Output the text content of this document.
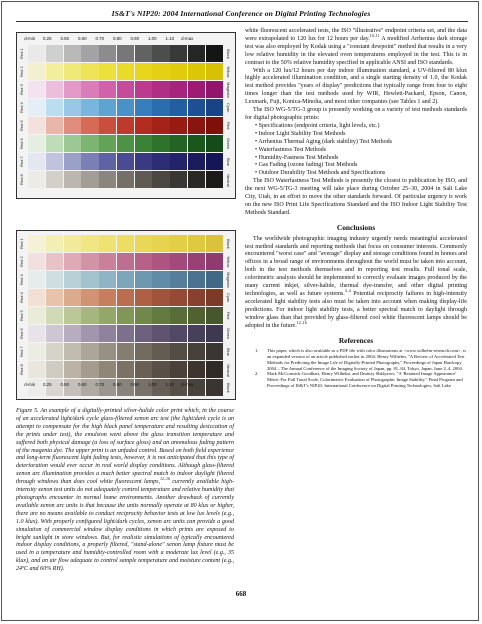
IS&T's NIP20: 2004 International Conference on Digital Printing Technologies
d-min	0.25	0.50	0.60	0.70	0.80	0.90	1.00	1.10	d-max
Red 1
Red 2
Red 3
Red 4
Red 5
Red 6
Red 7
Red 8
Black
Yellow
Magenta
Cyan
Red
Green
Blue
Neutral
Red 1
Red 2
Red 3
Red 4
Red 5
Red 6
Red 7
Red 8
Black
Yellow
Magenta
Cyan
Red
Green
Blue
Neutral
Black
d-min	0.25	0.50	0.60	0.70	0.80	0.90	1.00	1.10	d-max
Figure 5. An example of a digitally-printed silver-halide color print which, in the course of an accelerated light/dark cycle glass-filtered xenon arc test (the light/dark cycle is an attempt to compensate for the high black panel temperature and resulting desiccation of the prints under test), the emulsion went above the glass transition temperature and suffered both physical damage (a loss of surface gloss) and an anomalous fading pattern of the magenta dye. The upper print is an unfaded control. Based on both field experience and long-term fluorescent light fading tests, however, it is not anticipated that this type of deterioration would ever occur in real world display conditions. Although glass-filtered xenon arc illumination provides a much better spectral match to indoor daylight filtered through windows than does cool white fluorescent lamps,$^{12-16}$ currently available high-intensity xenon test units do not adequately control temperature and relative humidity that photographs encounter in normal home environments. Another drawback of currently available xenon arc units is that because the units normally operate at 80 klux or higher, there are no means available to conduct reciprocity behavior tests at low lux levels (e.g., 1.0 klux). With properly configured light/dark cycles, xenon arc units can provide a good simulation of commercial window display conditions in which prints are exposed to bright sunlight in store windows. But, for realistic simulations of typically encountered indoor display conditions, a properly filtered, "stand-alone" xenon lamp fixture must be used in a temperature and humidity-controlled room with a moderate lux level (e.g., 35 klux), and an air flow adequate to control sample temperature and moisture content (e.g., 24ºC and 60% RH).

white fluorescent accelerated tests, the ISO "illustrative" endpoint criteria set, and the data were extrapolated to 120 lux for 12 hours per day.$^{10-11}$ A modified Arrhenius dark storage test was also employed by Kodak using a "constant dewpoint" method that results in a very low relative humidity in the elevated oven temperatures employed in the test. This is in contrast to the 50% relative humidity specified in applicable ANSI and ISO standards.

With a 120 lux/12 hours per day indoor illumination standard, a UV-filtered 80 klux highly accelerated illumination condition, and a single starting density of 1.0, the Kodak test method provides "years of display" predictions that typically range from four to eight times longer than the test methods used by WIR, Hewlett-Packard, Epson, Canon, Lexmark, Fuji, Konica-Minolta, and most other companies (see Tables 1 and 2).

The ISO WG-5/TG-3 group is presently working on a variety of test methods standards for digital photographic prints:

• Specifications (endpoint criteria, light levels, etc.)
• Indoor Light Stability Test Methods
• Arrhenius Thermal Aging (dark stability) Test Methods
• Waterfastness Test Methods
• Humidity-Fastness Test Methods
• Gas Fading (ozone fading) Test Methods
• Outdoor Durability Test Methods and Specifications

The ISO Waterfastness Test Methods is presently the closest to publication by ISO, and the next WG-5/TG-3 meeting will take place during October 25–30, 2004 in Salt Lake City, Utah, in an effort to move the other standards forward. Of particular urgency is work on the new ISO Print Life Specifications Standard and the ISO Indoor Light Stability Test Methods Standard.

Conclusions

The worldwide photographic imaging industry urgently needs meaningful accelerated test method standards and reporting methods that focus on consumer interests. Commonly encountered "worst case" and "average" display and storage conditions found in homes and offices in a broad range of environments throughout the world must be taken into account, both in the test methods themselves and in reporting test results. Full tonal scale, colorimetric analysis should be implemented to correctly evaluate images produced by the many current inkjet, silver-halide, thermal dye-transfer, and other digital printing technologies, as well as future systems.$^{3-4}$ Potential reciprocity failures in high-intensity accelerated light stability tests also must be taken into account when making display-life predictions. For indoor light stability tests, a better spectral match to daylight through window glass than that provided by glass-filtered cool white fluorescent lamps should be adopted in the future.$^{12-16}$

References
1.	This paper, which is also available as a PDF file with color illustrations at <www.wilhelm-research.com>, is an expanded version of an article published earlier in 2004: Henry Wilhelm, "A Review of Accelerated Test Methods for Predicting the Image Life of Digitally-Printed Photographs," Proceedings of Japan Hardcopy 2004 – The Annual Conference of the Imaging Society of Japan, pp. 81–84, Tokyo, Japan, June 2–4, 2004.
2.	Mark McCormick-Goodhart, Henry Wilhelm, and Dmitriy Shklyarov, "A 'Retained Image Appearance' Metric For Full Tonal Scale, Colorimetric Evaluation of Photographic Image Stability," Final Program and Proceedings of IS&T's NIP20: International Conference on Digital Printing Technologies, Salt Lake
668
